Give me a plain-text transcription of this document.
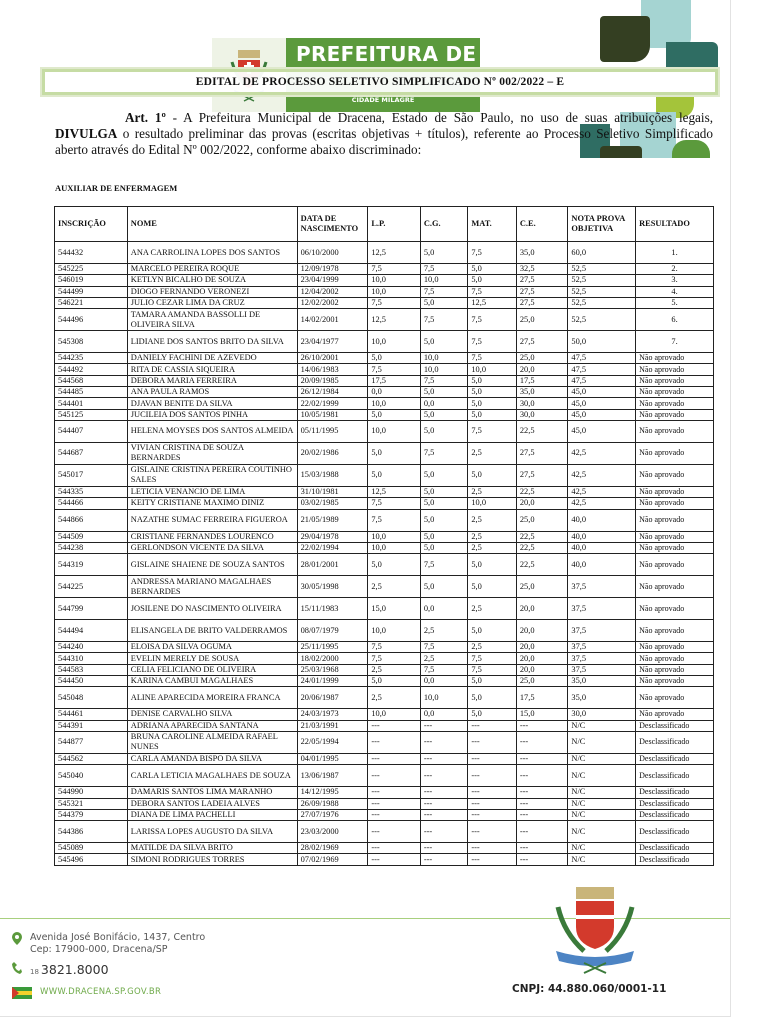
PREFEITURA DE
CIDADE MILAGRE
EDITAL DE PROCESSO SELETIVO SIMPLIFICADO Nº 002/2022 – E
Art. 1º - A Prefeitura Municipal de Dracena, Estado de São Paulo, no uso de suas atribuições legais, DIVULGA o resultado preliminar das provas (escritas objetivas + títulos), referente ao Processo Seletivo Simplificado aberto através do Edital Nº 002/2022, conforme abaixo discriminado:
AUXILIAR DE ENFERMAGEM
INSCRIÇÃO	NOME	DATA DE NASCIMENTO	L.P.	C.G.	MAT.	C.E.	NOTA PROVA OBJETIVA	RESULTADO
544432	ANA CARROLINA LOPES DOS SANTOS	06/10/2000	12,5	5,0	7,5	35,0	60,0	1.
545225	MARCELO PEREIRA ROQUE	12/09/1978	7,5	7,5	5,0	32,5	52,5	2.
546019	KETLYN BICALHO DE SOUZA	23/04/1999	10,0	10,0	5,0	27,5	52,5	3.
544499	DIOGO FERNANDO VERONEZI	12/04/2002	10,0	7,5	7,5	27,5	52,5	4.
546221	JULIO CEZAR LIMA DA CRUZ	12/02/2002	7,5	5,0	12,5	27,5	52,5	5.
544496	TAMARA AMANDA BASSOLLI DE OLIVEIRA SILVA	14/02/2001	12,5	7,5	7,5	25,0	52,5	6.
545308	LIDIANE DOS SANTOS BRITO DA SILVA	23/04/1977	10,0	5,0	7,5	27,5	50,0	7.
544235	DANIELY FACHINI DE AZEVEDO	26/10/2001	5,0	10,0	7,5	25,0	47,5	Não aprovado
544492	RITA DE CASSIA SIQUEIRA	14/06/1983	7,5	10,0	10,0	20,0	47,5	Não aprovado
544568	DEBORA MARIA FERREIRA	20/09/1985	17,5	7,5	5,0	17,5	47,5	Não aprovado
544485	ANA PAULA RAMOS	26/12/1984	0,0	5,0	5,0	35,0	45,0	Não aprovado
544401	DJAVAN BENITE DA SILVA	22/02/1999	10,0	0,0	5,0	30,0	45,0	Não aprovado
545125	JUCILEIA DOS SANTOS PINHA	10/05/1981	5,0	5,0	5,0	30,0	45,0	Não aprovado
544407	HELENA MOYSES DOS SANTOS ALMEIDA	05/11/1995	10,0	5,0	7,5	22,5	45,0	Não aprovado
544687	VIVIAN CRISTINA DE SOUZA BERNARDES	20/02/1986	5,0	7,5	2,5	27,5	42,5	Não aprovado
545017	GISLAINE CRISTINA PEREIRA COUTINHO SALES	15/03/1988	5,0	5,0	5,0	27,5	42,5	Não aprovado
544335	LETICIA VENANCIO DE LIMA	31/10/1981	12,5	5,0	2,5	22,5	42,5	Não aprovado
544466	KEITY CRISTIANE MAXIMO DINIZ	03/02/1985	7,5	5,0	10,0	20,0	42,5	Não aprovado
544866	NAZATHE SUMAC FERREIRA FIGUEROA	21/05/1989	7,5	5,0	2,5	25,0	40,0	Não aprovado
544509	CRISTIANE FERNANDES LOURENCO	29/04/1978	10,0	5,0	2,5	22,5	40,0	Não aprovado
544238	GERLONDSON VICENTE DA SILVA	22/02/1994	10,0	5,0	2,5	22,5	40,0	Não aprovado
544319	GISLAINE SHAIENE DE SOUZA SANTOS	28/01/2001	5,0	7,5	5,0	22,5	40,0	Não aprovado
544225	ANDRESSA MARIANO MAGALHAES BERNARDES	30/05/1998	2,5	5,0	5,0	25,0	37,5	Não aprovado
544799	JOSILENE DO NASCIMENTO OLIVEIRA	15/11/1983	15,0	0,0	2,5	20,0	37,5	Não aprovado
544494	ELISANGELA DE BRITO VALDERRAMOS	08/07/1979	10,0	2,5	5,0	20,0	37,5	Não aprovado
544240	ELOISA DA SILVA OGUMA	25/11/1995	7,5	7,5	2,5	20,0	37,5	Não aprovado
544310	EVELIN MERELY DE SOUSA	18/02/2000	7,5	2,5	7,5	20,0	37,5	Não aprovado
544583	CELIA FELICIANO DE OLIVEIRA	25/03/1968	2,5	7,5	7,5	20,0	37,5	Não aprovado
544450	KARINA CAMBUI MAGALHAES	24/01/1999	5,0	0,0	5,0	25,0	35,0	Não aprovado
545048	ALINE APARECIDA MOREIRA FRANCA	20/06/1987	2,5	10,0	5,0	17,5	35,0	Não aprovado
544461	DENISE CARVALHO SILVA	24/03/1973	10,0	0,0	5,0	15,0	30,0	Não aprovado
544391	ADRIANA APARECIDA SANTANA	21/03/1991	---	---	---	---	N/C	Desclassificado
544877	BRUNA CAROLINE ALMEIDA RAFAEL NUNES	22/05/1994	---	---	---	---	N/C	Desclassificado
544562	CARLA AMANDA BISPO DA SILVA	04/01/1995	---	---	---	---	N/C	Desclassificado
545040	CARLA LETICIA MAGALHAES DE SOUZA	13/06/1987	---	---	---	---	N/C	Desclassificado
544990	DAMARIS SANTOS LIMA MARANHO	14/12/1995	---	---	---	---	N/C	Desclassificado
545321	DEBORA SANTOS LADEIA ALVES	26/09/1988	---	---	---	---	N/C	Desclassificado
544379	DIANA DE LIMA PACHELLI	27/07/1976	---	---	---	---	N/C	Desclassificado
544386	LARISSA LOPES AUGUSTO DA SILVA	23/03/2000	---	---	---	---	N/C	Desclassificado
545089	MATILDE DA SILVA BRITO	28/02/1969	---	---	---	---	N/C	Desclassificado
545496	SIMONI RODRIGUES TORRES	07/02/1969	---	---	---	---	N/C	Desclassificado
Avenida José Bonifácio, 1437, Centro
Cep: 17900-000, Dracena/SP
18 3821.8000
WWW.DRACENA.SP.GOV.BR	CNPJ: 44.880.060/0001-11
